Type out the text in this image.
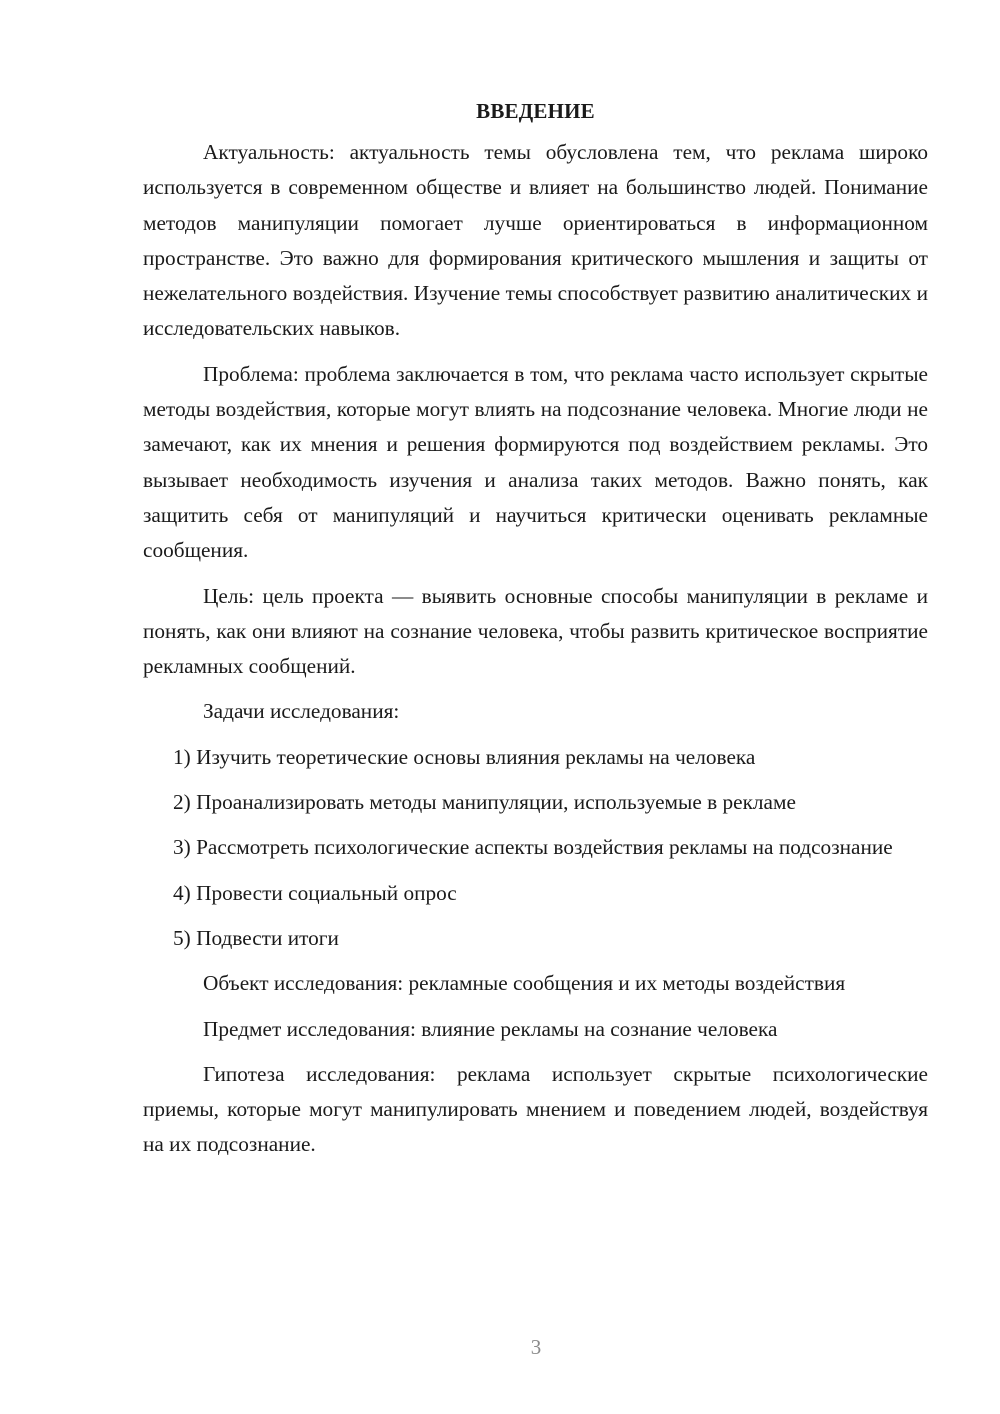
ВВЕДЕНИЕ

Актуальность: актуальность темы обусловлена тем, что реклама широко используется в современном обществе и влияет на большинство людей. Понимание методов манипуляции помогает лучше ориентироваться в информационном пространстве. Это важно для формирования критического мышления и защиты от нежелательного воздействия. Изучение темы способствует развитию аналитических и исследовательских навыков.

Проблема: проблема заключается в том, что реклама часто использует скрытые методы воздействия, которые могут влиять на подсознание человека. Многие люди не замечают, как их мнения и решения формируются под воздействием рекламы. Это вызывает необходимость изучения и анализа таких методов. Важно понять, как защитить себя от манипуляций и научиться критически оценивать рекламные сообщения.

Цель: цель проекта — выявить основные способы манипуляции в рекламе и понять, как они влияют на сознание человека, чтобы развить критическое восприятие рекламных сообщений.

Задачи исследования:

1) Изучить теоретические основы влияния рекламы на человека

2) Проанализировать методы манипуляции, используемые в рекламе

3) Рассмотреть психологические аспекты воздействия рекламы на подсознание

4) Провести социальный опрос

5) Подвести итоги

Объект исследования: рекламные сообщения и их методы воздействия

Предмет исследования: влияние рекламы на сознание человека

Гипотеза исследования: реклама использует скрытые психологические приемы, которые могут манипулировать мнением и поведением людей, воздействуя на их подсознание.

3
